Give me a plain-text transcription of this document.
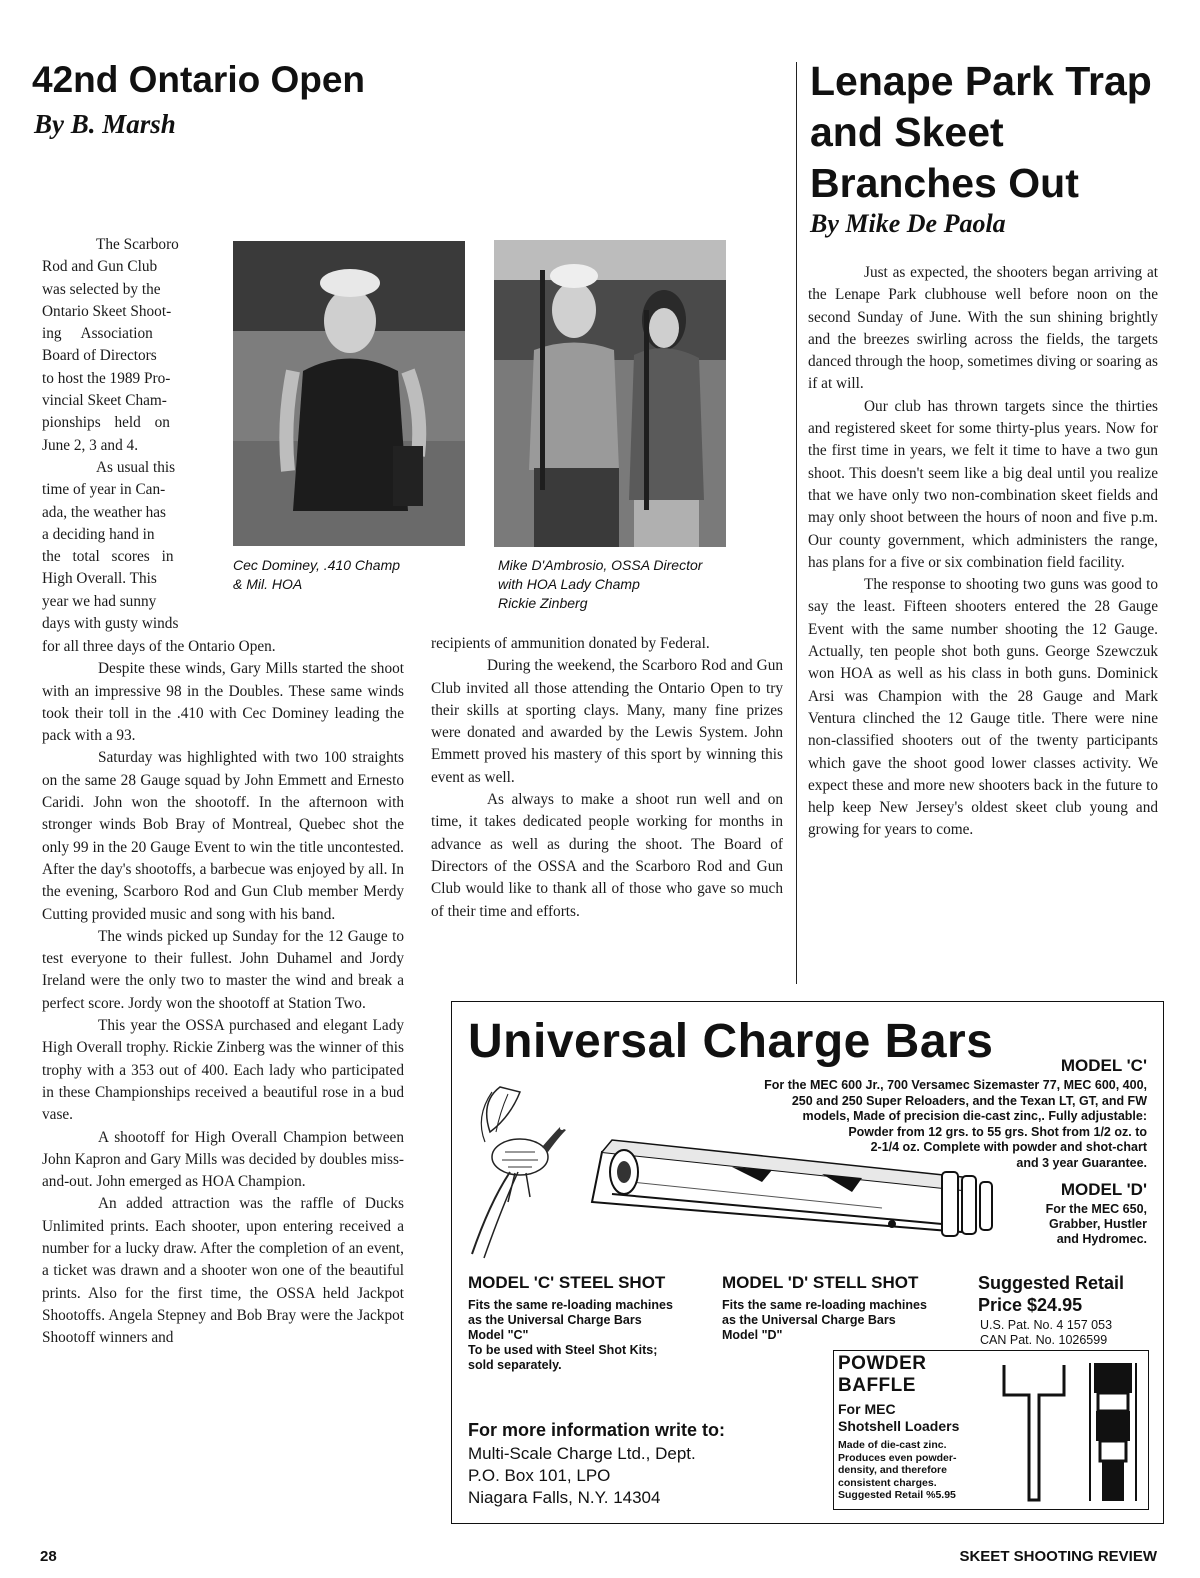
42nd Ontario Open
By B. Marsh
The Scarboro
Rod and Gun Club
was selected by the
Ontario Skeet Shoot-
ing Association
Board of Directors
to host the 1989 Pro-
vincial Skeet Cham-
pionships held on
June 2, 3 and 4.
As usual this
time of year in Can-
ada, the weather has
a deciding hand in
the total scores in
High Overall. This
year we had sunny
days with gusty winds
Cec Dominey, .410 Champ
& Mil. HOA
Mike D'Ambrosio, OSSA Director
with HOA Lady Champ
Rickie Zinberg

for all three days of the Ontario Open.

Despite these winds, Gary Mills started the shoot with an impressive 98 in the Doubles. These same winds took their toll in the .410 with Cec Dominey leading the pack with a 93.

Saturday was highlighted with two 100 straights on the same 28 Gauge squad by John Emmett and Ernesto Caridi. John won the shootoff. In the afternoon with stronger winds Bob Bray of Montreal, Quebec shot the only 99 in the 20 Gauge Event to win the title uncontested. After the day's shootoffs, a barbecue was enjoyed by all. In the evening, Scarboro Rod and Gun Club member Merdy Cutting provided music and song with his band.

The winds picked up Sunday for the 12 Gauge to test everyone to their fullest. John Duhamel and Jordy Ireland were the only two to master the wind and break a perfect score. Jordy won the shootoff at Station Two.

This year the OSSA purchased and elegant Lady High Overall trophy. Rickie Zinberg was the winner of this trophy with a 353 out of 400. Each lady who participated in these Championships received a beautiful rose in a bud vase.

A shootoff for High Overall Champion between John Kapron and Gary Mills was decided by doubles miss-and-out. John emerged as HOA Champion.

An added attraction was the raffle of Ducks Unlimited prints. Each shooter, upon entering received a number for a lucky draw. After the completion of an event, a ticket was drawn and a shooter won one of the beautiful prints. Also for the first time, the OSSA held Jackpot Shootoffs. Angela Stepney and Bob Bray were the Jackpot Shootoff winners and

recipients of ammunition donated by Federal.

During the weekend, the Scarboro Rod and Gun Club invited all those attending the Ontario Open to try their skills at sporting clays. Many, many fine prizes were donated and awarded by the Lewis System. John Emmett proved his mastery of this sport by winning this event as well.

As always to make a shoot run well and on time, it takes dedicated people working for months in advance as well as during the shoot. The Board of Directors of the OSSA and the Scarboro Rod and Gun Club would like to thank all of those who gave so much of their time and efforts.

Lenape Park Trap
and Skeet
Branches Out
By Mike De Paola

Just as expected, the shooters began arriving at the Lenape Park clubhouse well before noon on the second Sunday of June. With the sun shining brightly and the breezes swirling across the fields, the targets danced through the hoop, sometimes diving or soaring as if at will.

Our club has thrown targets since the thirties and registered skeet for some thirty-plus years. Now for the first time in years, we felt it time to have a two gun shoot. This doesn't seem like a big deal until you realize that we have only two non-combination skeet fields and may only shoot between the hours of noon and five p.m. Our county government, which administers the range, has plans for a five or six combination field facility.

The response to shooting two guns was good to say the least. Fifteen shooters entered the 28 Gauge Event with the same number shooting the 12 Gauge. Actually, ten people shot both guns. George Szewczuk won HOA as well as his class in both guns. Dominick Arsi was Champion with the 28 Gauge and Mark Ventura clinched the 12 Gauge title. There were nine non-classified shooters out of the twenty participants which gave the shoot good lower classes activity. We expect these and more new shooters back in the future to help keep New Jersey's oldest skeet club young and growing for years to come.

Universal Charge Bars	MODEL 'C'
For the MEC 600 Jr., 700 Versamec Sizemaster 77, MEC 600, 400,
250 and 250 Super Reloaders, and the Texan LT, GT, and FW
models, Made of precision die-cast zinc,. Fully adjustable:
Powder from 12 grs. to 55 grs. Shot from 1/2 oz. to
2-1/4 oz. Complete with powder and shot-chart
and 3 year Guarantee.
MODEL 'D'
For the MEC 650,
Grabber, Hustler
and Hydromec.
MODEL 'C' STEEL SHOT
Fits the same re-loading machines
as the Universal Charge Bars
Model "C"
To be used with Steel Shot Kits;
sold separately.
MODEL 'D' STELL SHOT
Fits the same re-loading machines
as the Universal Charge Bars
Model "D"
Suggested Retail
Price $24.95
U.S. Pat. No. 4 157 053
CAN Pat. No. 1026599
For more information write to:
Multi-Scale Charge Ltd., Dept.
P.O. Box 101, LPO
Niagara Falls, N.Y. 14304
POWDER
BAFFLE
For MEC
Shotshell Loaders
Made of die-cast zinc.
Produces even powder-
density, and therefore
consistent charges.
Suggested Retail %5.95
28	SKEET SHOOTING REVIEW
